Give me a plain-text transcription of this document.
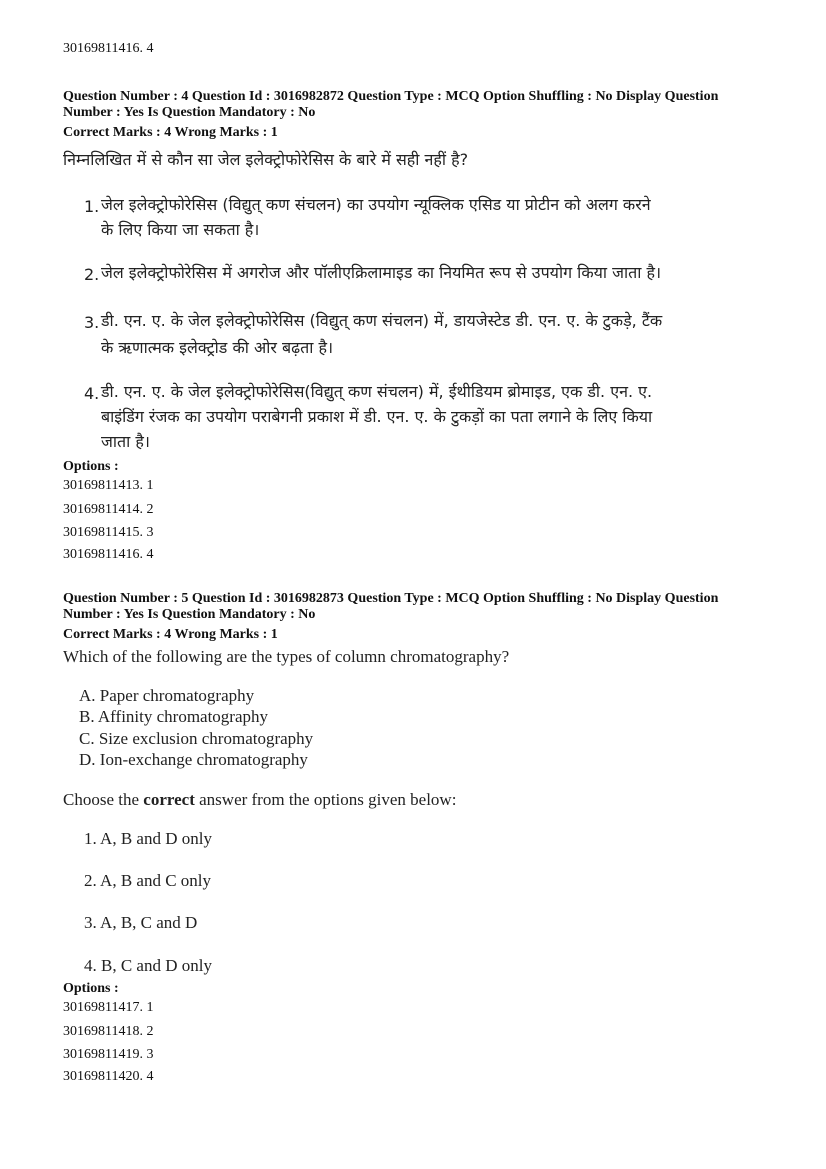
30169811416. 4
Question Number : 4 Question Id : 3016982872 Question Type : MCQ Option Shuffling : No Display Question
Number : Yes Is Question Mandatory : No
Correct Marks : 4 Wrong Marks : 1
निम्नलिखित में से कौन सा जेल इलेक्ट्रोफोरेसिस के बारे में सही नहीं है?
1. जेल इलेक्ट्रोफोरेसिस (विद्युत् कण संचलन) का उपयोग न्यूक्लिक एसिड या प्रोटीन को अलग करने
के लिए किया जा सकता है।
2. जेल इलेक्ट्रोफोरेसिस में अगरोज और पॉलीएक्रिलामाइड का नियमित रूप से उपयोग किया जाता है।
3. डी. एन. ए. के जेल इलेक्ट्रोफोरेसिस (विद्युत् कण संचलन) में, डायजेस्टेड डी. एन. ए. के टुकड़े, टैंक
के ऋणात्मक इलेक्ट्रोड की ओर बढ़ता है।
4. डी. एन. ए. के जेल इलेक्ट्रोफोरेसिस(विद्युत् कण संचलन) में, ईथीडियम ब्रोमाइड, एक डी. एन. ए.
बाइंडिंग रंजक का उपयोग पराबेगनी प्रकाश में डी. एन. ए. के टुकड़ों का पता लगाने के लिए किया
जाता है।
Options :
30169811413. 1
30169811414. 2
30169811415. 3
30169811416. 4
Question Number : 5 Question Id : 3016982873 Question Type : MCQ Option Shuffling : No Display Question
Number : Yes Is Question Mandatory : No
Correct Marks : 4 Wrong Marks : 1
Which of the following are the types of column chromatography?
A. Paper chromatography
B. Affinity chromatography
C. Size exclusion chromatography
D. Ion-exchange chromatography
Choose the correct answer from the options given below:
1. A, B and D only
2. A, B and C only
3. A, B, C and D
4. B, C and D only
Options :
30169811417. 1
30169811418. 2
30169811419. 3
30169811420. 4
